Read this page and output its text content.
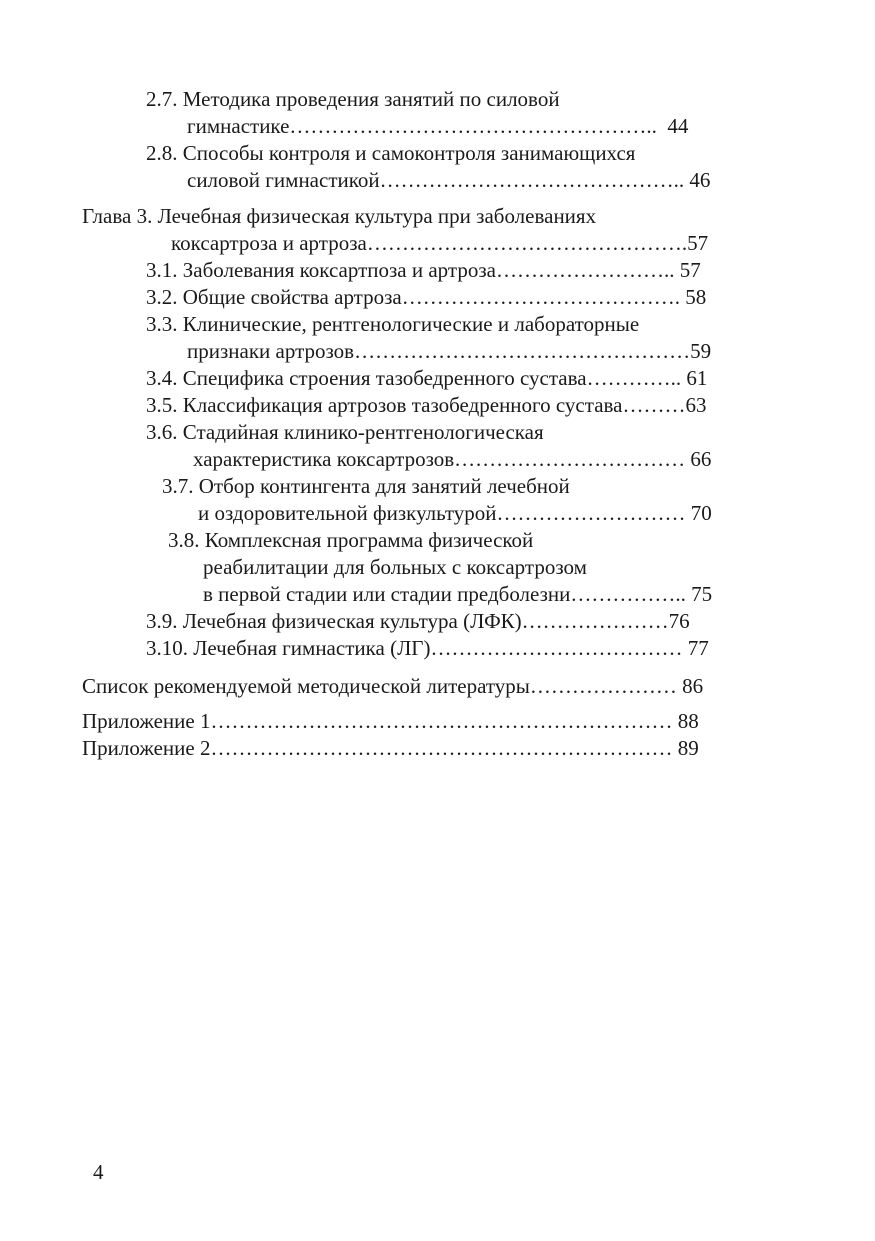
2.7. Методика проведения занятий по силовой
гимнастике……………………………………………..  44
2.8. Способы контроля и самоконтроля занимающихся
силовой гимнастикой…………………………………….. 46
Глава 3. Лечебная физическая культура при заболеваниях
коксартроза и артроза……………………………………….57
3.1. Заболевания коксартпоза и артроза…………………….. 57
3.2. Общие свойства артроза…………………………………. 58
3.3. Клинические, рентгенологические и лабораторные
признаки артрозов…………………………………………59
3.4. Специфика строения тазобедренного сустава………….. 61
3.5. Классификация артрозов тазобедренного сустава………63
3.6. Стадийная клинико-рентгенологическая
характеристика коксартрозов…………………………… 66
3.7. Отбор контингента для занятий лечебной
и оздоровительной физкультурой……………………… 70
3.8. Комплексная программа физической
реабилитации для больных с коксартрозом
в первой стадии или стадии предболезни…………….. 75
3.9. Лечебная физическая культура (ЛФК)…………………76
3.10. Лечебная гимнастика (ЛГ)……………………………… 77
Список рекомендуемой методической литературы………………… 86
Приложение 1………………………………………………………… 88
Приложение 2………………………………………………………… 89
4
